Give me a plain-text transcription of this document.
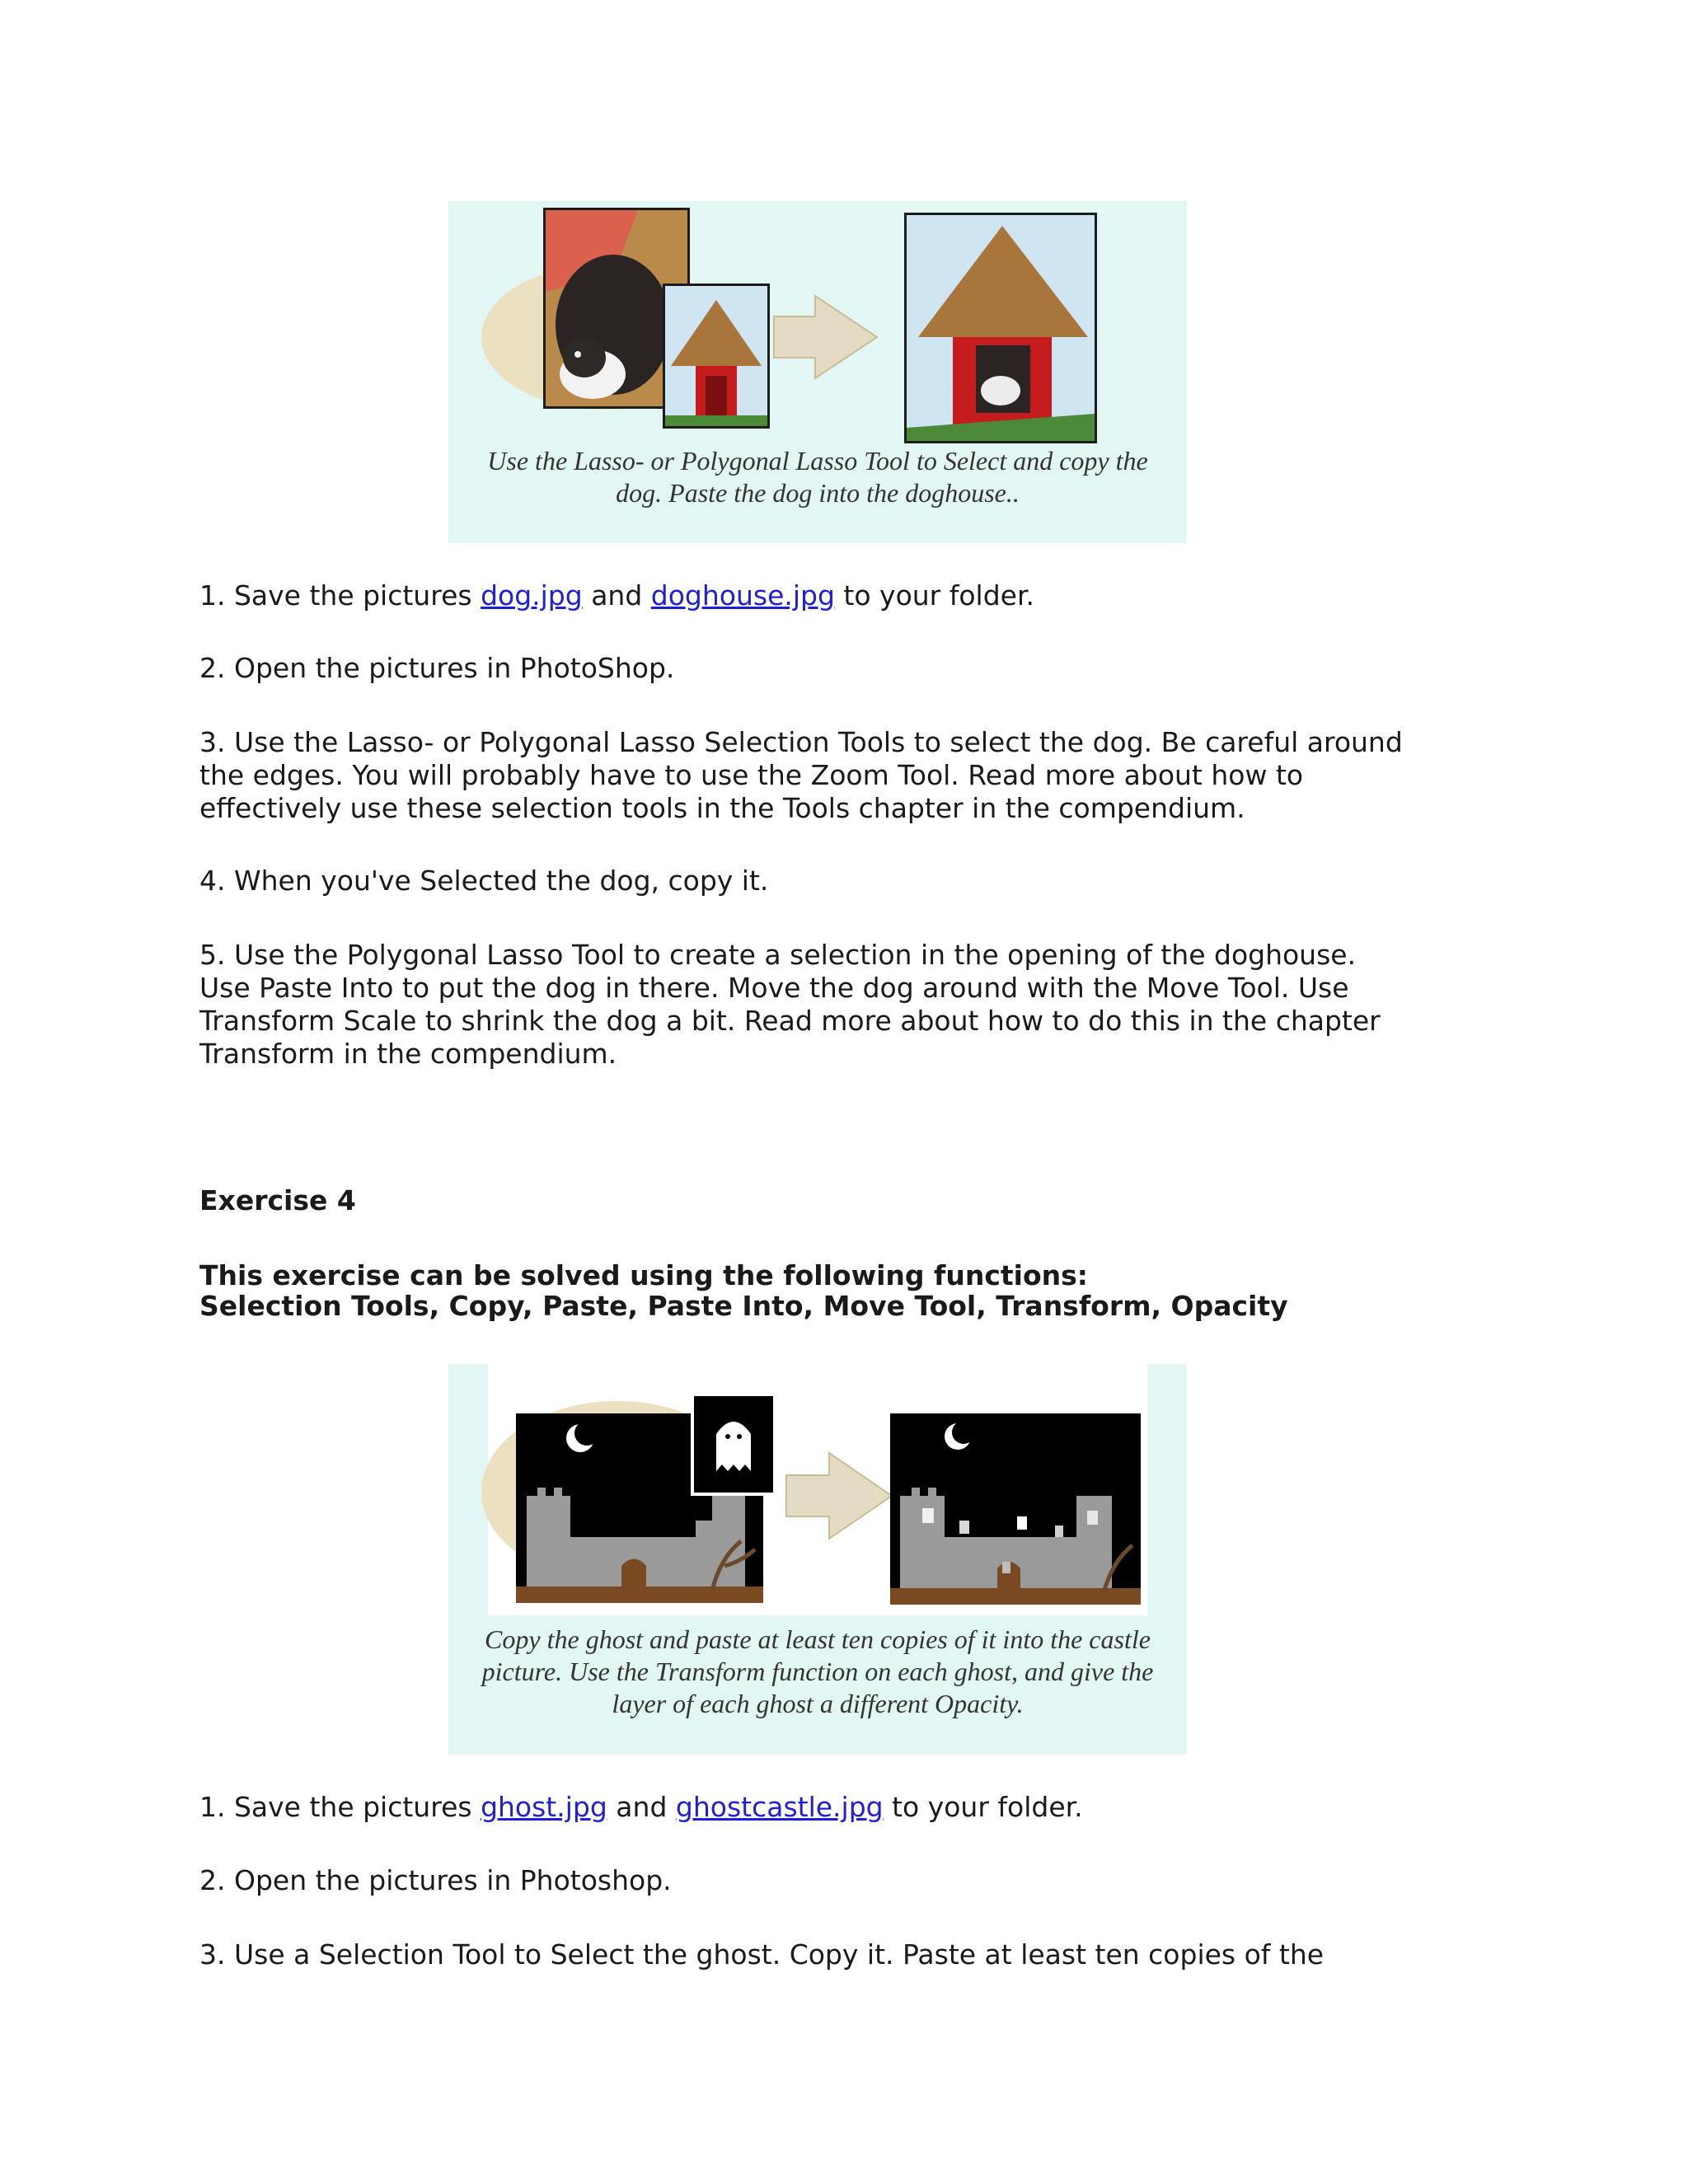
Use the Lasso- or Polygonal Lasso Tool to Select and copy the
dog. Paste the dog into the doghouse..

1. Save the pictures dog.jpg and doghouse.jpg to your folder.

2. Open the pictures in PhotoShop.

3. Use the Lasso- or Polygonal Lasso Selection Tools to select the dog. Be careful around
the edges. You will probably have to use the Zoom Tool. Read more about how to
effectively use these selection tools in the Tools chapter in the compendium.

4. When you've Selected the dog, copy it.

5. Use the Polygonal Lasso Tool to create a selection in the opening of the doghouse.
Use Paste Into to put the dog in there. Move the dog around with the Move Tool. Use
Transform Scale to shrink the dog a bit. Read more about how to do this in the chapter
Transform in the compendium.

Exercise 4
This exercise can be solved using the following functions:
Selection Tools, Copy, Paste, Paste Into, Move Tool, Transform, Opacity
Copy the ghost and paste at least ten copies of it into the castle
picture. Use the Transform function on each ghost, and give the
layer of each ghost a different Opacity.

1. Save the pictures ghost.jpg and ghostcastle.jpg to your folder.

2. Open the pictures in Photoshop.

3. Use a Selection Tool to Select the ghost. Copy it. Paste at least ten copies of the
